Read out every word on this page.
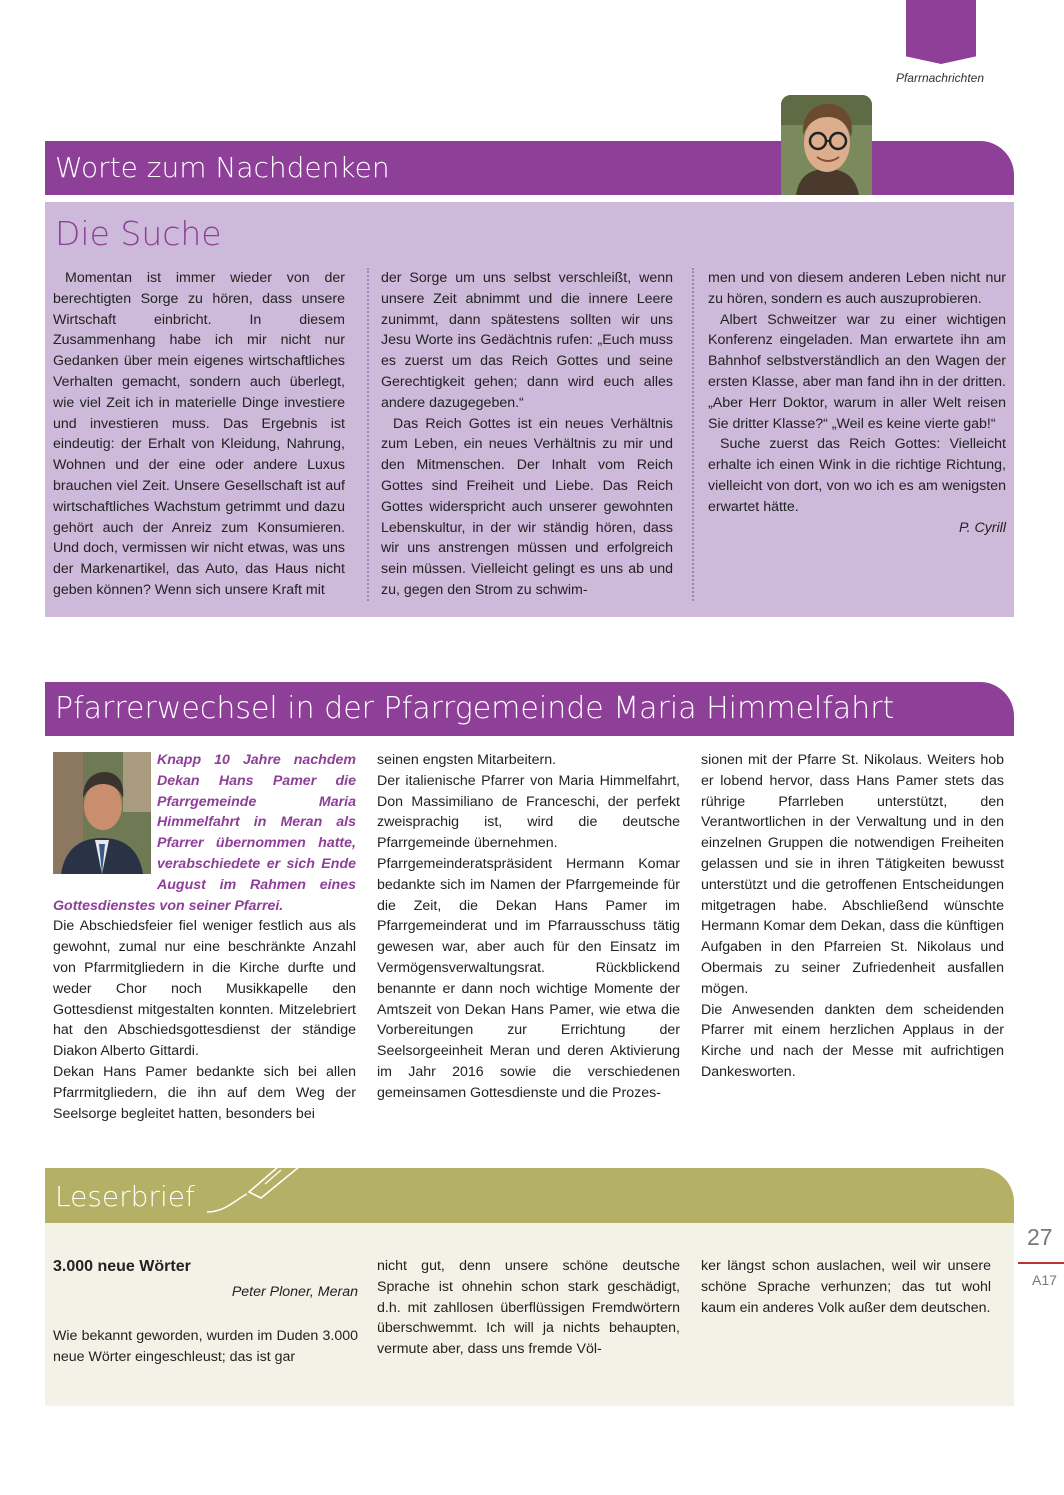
Pfarrnachrichten
Worte zum Nachdenken
Die Suche

Momentan ist immer wieder von der berechtigten Sorge zu hören, dass unsere Wirtschaft einbricht. In diesem Zusammenhang habe ich mir nicht nur Gedanken über mein eigenes wirtschaftliches Verhalten gemacht, sondern auch überlegt, wie viel Zeit ich in materielle Dinge investiere und investieren muss. Das Ergebnis ist eindeutig: der Erhalt von Kleidung, Nahrung, Wohnen und der eine oder andere Luxus brauchen viel Zeit. Unsere Gesellschaft ist auf wirtschaftliches Wachstum getrimmt und dazu gehört auch der Anreiz zum Konsumieren. Und doch, vermissen wir nicht etwas, was uns der Markenartikel, das Auto, das Haus nicht geben können? Wenn sich unsere Kraft mit

der Sorge um uns selbst verschleißt, wenn unsere Zeit abnimmt und die innere Leere zunimmt, dann spätestens sollten wir uns Jesu Worte ins Gedächtnis rufen: „Euch muss es zuerst um das Reich Gottes und seine Gerechtigkeit gehen; dann wird euch alles andere dazugegeben.“

Das Reich Gottes ist ein neues Verhältnis zum Leben, ein neues Verhältnis zu mir und den Mitmenschen. Der Inhalt vom Reich Gottes sind Freiheit und Liebe. Das Reich Gottes widerspricht auch unserer gewohnten Lebenskultur, in der wir ständig hören, dass wir uns anstrengen müssen und erfolgreich sein müssen. Vielleicht gelingt es uns ab und zu, gegen den Strom zu schwim-

men und von diesem anderen Leben nicht nur zu hören, sondern es auch auszuprobieren.

Albert Schweitzer war zu einer wichtigen Konferenz eingeladen. Man erwartete ihn am Bahnhof selbstverständlich an den Wagen der ersten Klasse, aber man fand ihn in der dritten. „Aber Herr Doktor, warum in aller Welt reisen Sie dritter Klasse?“ „Weil es keine vierte gab!“

Suche zuerst das Reich Gottes: Vielleicht erhalte ich einen Wink in die richtige Richtung, vielleicht von dort, von wo ich es am wenigsten erwartet hätte.

P. Cyrill

Pfarrerwechsel in der Pfarrgemeinde Maria Himmelfahrt

Knapp 10 Jahre nachdem Dekan Hans Pamer die Pfarrgemeinde Maria Himmelfahrt in Meran als Pfarrer übernommen hatte, verabschiedete er sich Ende August im Rahmen eines Gottesdienstes von seiner Pfarrei.

Die Abschiedsfeier fiel weniger festlich aus als gewohnt, zumal nur eine beschränkte Anzahl von Pfarrmitgliedern in die Kirche durfte und weder Chor noch Musikkapelle den Gottesdienst mitgestalten konnten. Mitzelebriert hat den Abschiedsgottesdienst der ständige Diakon Alberto Gittardi.

Dekan Hans Pamer bedankte sich bei allen Pfarrmitgliedern, die ihn auf dem Weg der Seelsorge begleitet hatten, besonders bei

seinen engsten Mitarbeitern.

Der italienische Pfarrer von Maria Himmelfahrt, Don Massimiliano de Franceschi, der perfekt zweisprachig ist, wird die deutsche Pfarrgemeinde übernehmen.

Pfarrgemeinderatspräsident Hermann Komar bedankte sich im Namen der Pfarrgemeinde für die Zeit, die Dekan Hans Pamer im Pfarrgemeinderat und im Pfarrausschuss tätig gewesen war, aber auch für den Einsatz im Vermögensverwaltungsrat. Rückblickend benannte er dann noch wichtige Momente der Amtszeit von Dekan Hans Pamer, wie etwa die Vorbereitungen zur Errichtung der Seelsorgeeinheit Meran und deren Aktivierung im Jahr 2016 sowie die verschiedenen gemeinsamen Gottesdienste und die Prozes-

sionen mit der Pfarre St. Nikolaus. Weiters hob er lobend hervor, dass Hans Pamer stets das rührige Pfarrleben unterstützt, den Verantwortlichen in der Verwaltung und in den einzelnen Gruppen die notwendigen Freiheiten gelassen und sie in ihren Tätigkeiten bewusst unterstützt und die getroffenen Entscheidungen mitgetragen habe. Abschließend wünschte Hermann Komar dem Dekan, dass die künftigen Aufgaben in den Pfarreien St. Nikolaus und Obermais zu seiner Zufriedenheit ausfallen mögen.

Die Anwesenden dankten dem scheidenden Pfarrer mit einem herzlichen Applaus in der Kirche und nach der Messe mit aufrichtigen Dankesworten.

Leserbrief

3.000 neue Wörter

Peter Ploner, Meran

Wie bekannt geworden, wurden im Duden 3.000 neue Wörter eingeschleust; das ist gar

nicht gut, denn unsere schöne deutsche Sprache ist ohnehin schon stark geschädigt, d.h. mit zahllosen überflüssigen Fremdwörtern überschwemmt. Ich will ja nichts behaupten, vermute aber, dass uns fremde Völ-

ker längst schon auslachen, weil wir unsere schöne Sprache verhunzen; das tut wohl kaum ein anderes Volk außer dem deutschen.

27
A17
